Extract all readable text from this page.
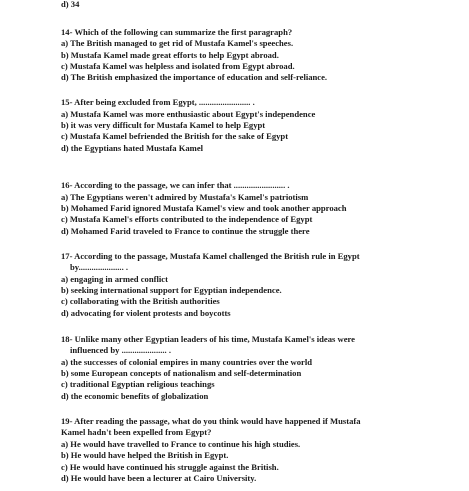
d) 34
14- Which of the following can summarize the first paragraph?
a) The British managed to get rid of Mustafa Kamel's speeches.
b) Mustafa Kamel made great efforts to help Egypt abroad.
c) Mustafa Kamel was helpless and isolated from Egypt abroad.
d) The British emphasized the importance of education and self-reliance.
15- After being excluded from Egypt, ........................ .
a) Mustafa Kamel was more enthusiastic about Egypt's independence
b) it was very difficult for Mustafa Kamel to help Egypt
c) Mustafa Kamel befriended the British for the sake of Egypt
d) the Egyptians hated Mustafa Kamel
16- According to the passage, we can infer that ........................ .
a) The Egyptians weren't admired by Mustafa's Kamel's patriotism
b) Mohamed Farid ignored Mustafa Kamel's view and took another approach
c) Mustafa Kamel's efforts contributed to the independence of Egypt
d) Mohamed Farid traveled to France to continue the struggle there
17- According to the passage, Mustafa Kamel challenged the British rule in Egypt
by..................... .
a) engaging in armed conflict
b) seeking international support for Egyptian independence.
c) collaborating with the British authorities
d) advocating for violent protests and boycotts
18- Unlike many other Egyptian leaders of his time, Mustafa Kamel's ideas were
influenced by ..................... .
a) the successes of colonial empires in many countries over the world
b) some European concepts of nationalism and self-determination
c) traditional Egyptian religious teachings
d) the economic benefits of globalization
19- After reading the passage, what do you think would have happened if Mustafa
Kamel hadn't been expelled from Egypt?
a) He would have travelled to France to continue his high studies.
b) He would have helped the British in Egypt.
c) He would have continued his struggle against the British.
d) He would have been a lecturer at Cairo University.
